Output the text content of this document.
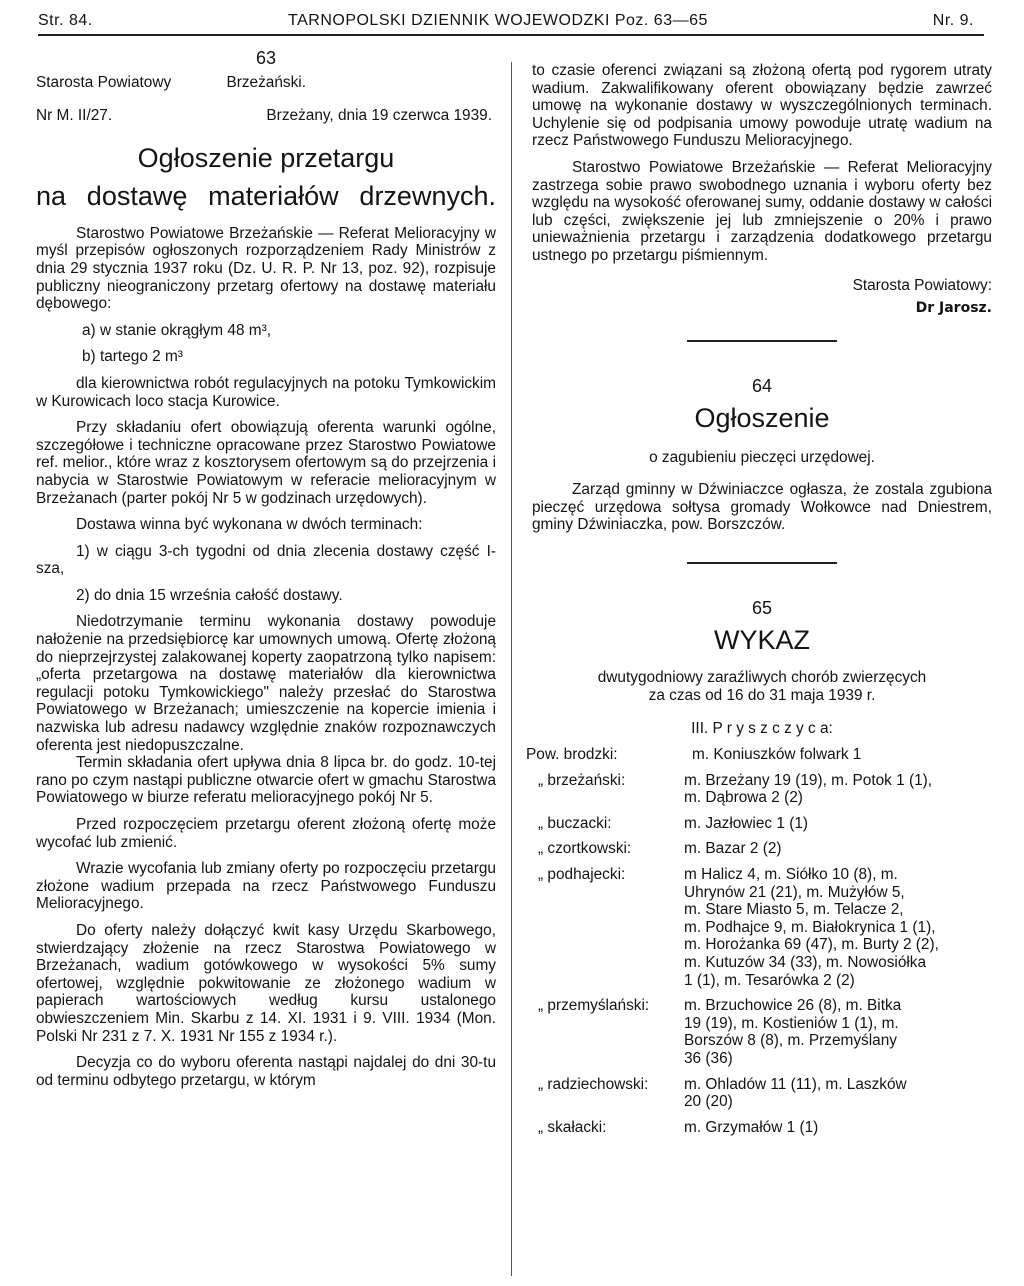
Str. 84.	TARNOPOLSKI DZIENNIK WOJEWODZKI Poz. 63—65	Nr. 9.
63
Starosta Powiatowy	Brzeżański.
Nr M. II/27.	Brzeżany, dnia 19 czerwca 1939.
Ogłoszenie przetargu
na dostawę materiałów drzewnych.

Starostwo Powiatowe Brzeżańskie — Referat Melioracyjny w myśl przepisów ogłoszonych rozporządzeniem Rady Ministrów z dnia 29 stycznia 1937 roku (Dz. U. R. P. Nr 13, poz. 92), rozpisuje publiczny nieograniczony przetarg ofertowy na dostawę materiału dębowego:

a) w stanie okrągłym 48 m³,

b) tartego 2 m³

dla kierownictwa robót regulacyjnych na potoku Tymkowickim w Kurowicach loco stacja Kurowice.

Przy składaniu ofert obowiązują oferenta warunki ogólne, szczegółowe i techniczne opracowane przez Starostwo Powiatowe ref. melior., które wraz z kosztorysem ofertowym są do przejrzenia i nabycia w Starostwie Powiatowym w referacie melioracyjnym w Brzeżanach (parter pokój Nr 5 w godzinach urzędowych).

Dostawa winna być wykonana w dwóch terminach:

1) w ciągu 3-ch tygodni od dnia zlecenia dostawy część I-sza,

2) do dnia 15 września całość dostawy.

Niedotrzymanie terminu wykonania dostawy powoduje nałożenie na przedsiębiorcę kar umownych umową. Ofertę złożoną do nieprzejrzystej zalakowanej koperty zaopatrzoną tylko napisem: „oferta przetargowa na dostawę materiałów dla kierownictwa regulacji potoku Tymkowickiego" należy przesłać do Starostwa Powiatowego w Brzeżanach; umieszczenie na kopercie imienia i nazwiska lub adresu nadawcy względnie znaków rozpoznawczych oferenta jest niedopuszczalne.

Termin składania ofert upływa dnia 8 lipca br. do godz. 10-tej rano po czym nastąpi publiczne otwarcie ofert w gmachu Starostwa Powiatowego w biurze referatu melioracyjnego pokój Nr 5.

Przed rozpoczęciem przetargu oferent złożoną ofertę może wycofać lub zmienić.

Wrazie wycofania lub zmiany oferty po rozpoczęciu przetargu złożone wadium przepada na rzecz Państwowego Funduszu Melioracyjnego.

Do oferty należy dołączyć kwit kasy Urzędu Skarbowego, stwierdzający złożenie na rzecz Starostwa Powiatowego w Brzeżanach, wadium gotówkowego w wysokości 5% sumy ofertowej, względnie pokwitowanie ze złożonego wadium w papierach wartościowych według kursu ustalonego obwieszczeniem Min. Skarbu z 14. XI. 1931 i 9. VIII. 1934 (Mon. Polski Nr 231 z 7. X. 1931 Nr 155 z 1934 r.).

Decyzja co do wyboru oferenta nastąpi najdalej do dni 30-tu od terminu odbytego przetargu, w którym

to czasie oferenci związani są złożoną ofertą pod rygorem utraty wadium. Zakwalifikowany oferent obowiązany będzie zawrzeć umowę na wykonanie dostawy w wyszczególnionych terminach. Uchylenie się od podpisania umowy powoduje utratę wadium na rzecz Państwowego Funduszu Melioracyjnego.

Starostwo Powiatowe Brzeżańskie — Referat Melioracyjny zastrzega sobie prawo swobodnego uznania i wyboru oferty bez względu na wysokość oferowanej sumy, oddanie dostawy w całości lub części, zwiększenie jej lub zmniejszenie o 20% i prawo unieważnienia przetargu i zarządzenia dodatkowego przetargu ustnego po przetargu piśmiennym.

Starosta Powiatowy:
Dr Jarosz.
64
Ogłoszenie

o zagubieniu pieczęci urzędowej.

Zarząd gminny w Dźwiniaczce ogłasza, że zostala zgubiona pieczęć urzędowa sołtysa gromady Wołkowce nad Dniestrem, gminy Dźwiniaczka, pow. Borszczów.

65
WYKAZ

dwutygodniowy zaraźliwych chorób zwierzęcych

za czas od 16 do 31 maja 1939 r.

III. P r y s z c z y c a:

Pow. brodzki:	m. Koniuszków folwark 1
„ brzeżański:	m. Brzeżany 19 (19), m. Potok 1 (1),
m. Dąbrowa 2 (2)
„ buczacki:	m. Jazłowiec 1 (1)
„ czortkowski:	m. Bazar 2 (2)
„ podhajecki:	m Halicz 4, m. Siółko 10 (8), m.
Uhrynów 21 (21), m. Mużyłów 5,
m. Stare Miasto 5, m. Telacze 2,
m. Podhajce 9, m. Białokrynica 1 (1),
m. Horożanka 69 (47), m. Burty 2 (2),
m. Kutuzów 34 (33), m. Nowosiółka
1 (1), m. Tesarówka 2 (2)
„ przemyślański: m. Brzuchowice 26 (8), m. Bitka
19 (19), m. Kostieniów 1 (1), m.
Borszów 8 (8), m. Przemyślany
36 (36)
„ radziechowski: m. Ohladów 11 (11), m. Laszków
20 (20)
„ skałacki:	m. Grzymałów 1 (1)
